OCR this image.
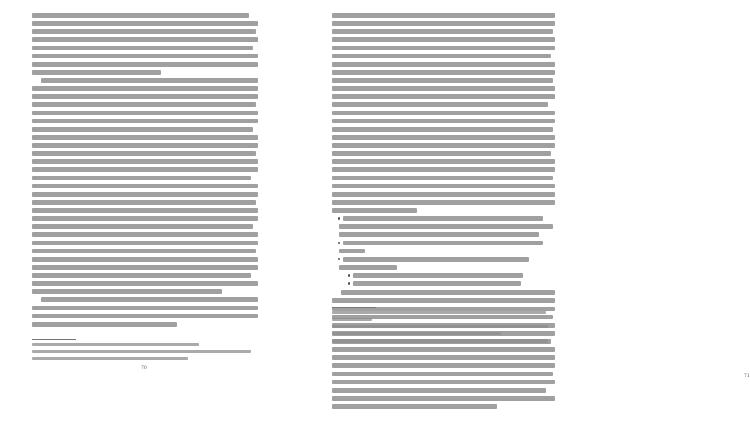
70
71
